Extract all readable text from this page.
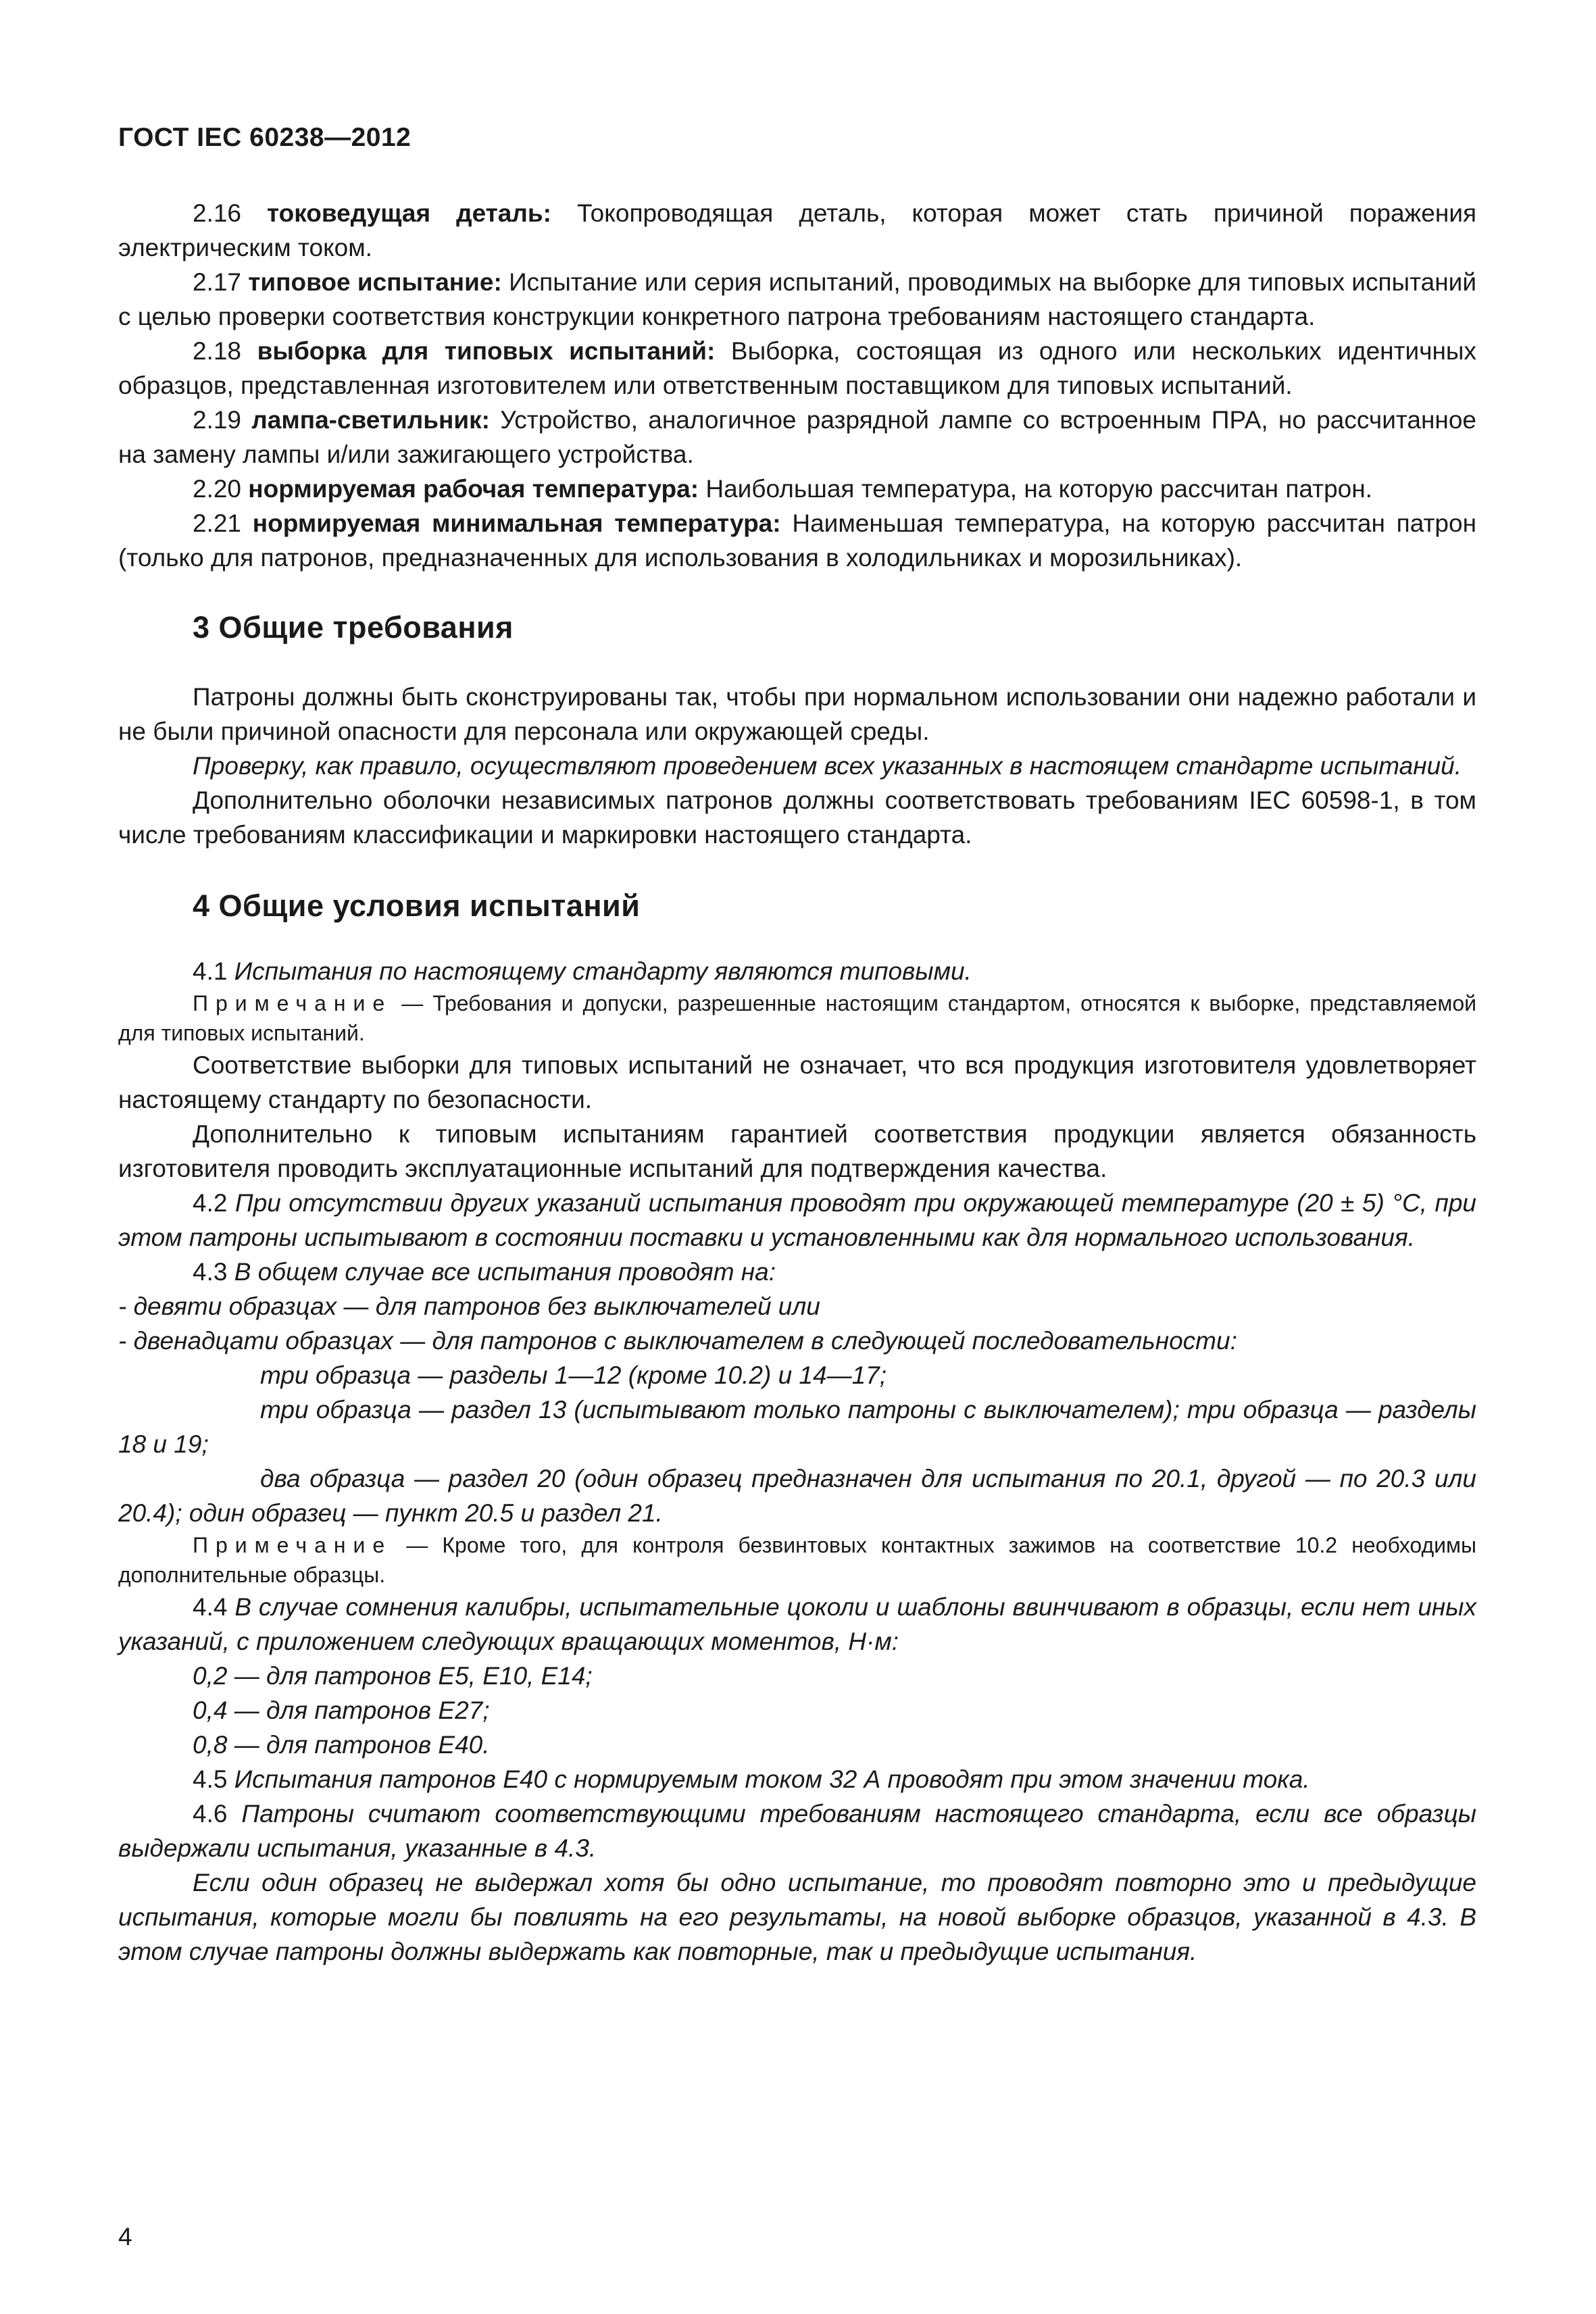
ГОСТ IEC 60238—2012

2.16 токоведущая деталь: Токопроводящая деталь, которая может стать причиной поражения электрическим током.

2.17 типовое испытание: Испытание или серия испытаний, проводимых на выборке для типовых испытаний с целью проверки соответствия конструкции конкретного патрона требованиям настоящего стандарта.

2.18 выборка для типовых испытаний: Выборка, состоящая из одного или нескольких идентичных образцов, представленная изготовителем или ответственным поставщиком для типовых испытаний.

2.19 лампа-светильник: Устройство, аналогичное разрядной лампе со встроенным ПРА, но рассчитанное на замену лампы и/или зажигающего устройства.

2.20 нормируемая рабочая температура: Наибольшая температура, на которую рассчитан патрон.

2.21 нормируемая минимальная температура: Наименьшая температура, на которую рассчитан патрон (только для патронов, предназначенных для использования в холодильниках и морозильниках).

3 Общие требования

Патроны должны быть сконструированы так, чтобы при нормальном использовании они надежно работали и не были причиной опасности для персонала или окружающей среды.

Проверку, как правило, осуществляют проведением всех указанных в настоящем стандарте испытаний.

Дополнительно оболочки независимых патронов должны соответствовать требованиям IEC 60598-1, в том числе требованиям классификации и маркировки настоящего стандарта.

4 Общие условия испытаний

4.1 Испытания по настоящему стандарту являются типовыми.

Примечание — Требования и допуски, разрешенные настоящим стандартом, относятся к выборке, представляемой для типовых испытаний.

Соответствие выборки для типовых испытаний не означает, что вся продукция изготовителя удовлетворяет настоящему стандарту по безопасности.

Дополнительно к типовым испытаниям гарантией соответствия продукции является обязанность изготовителя проводить эксплуатационные испытаний для подтверждения качества.

4.2 При отсутствии других указаний испытания проводят при окружающей температуре (20 ± 5) °С, при этом патроны испытывают в состоянии поставки и установленными как для нормального использования.

4.3 В общем случае все испытания проводят на:

- девяти образцах — для патронов без выключателей или

- двенадцати образцах — для патронов с выключателем в следующей последовательности:

три образца — разделы 1—12 (кроме 10.2) и 14—17;

три образца — раздел 13 (испытывают только патроны с выключателем); три образца — разделы 18 и 19;

два образца — раздел 20 (один образец предназначен для испытания по 20.1, другой — по 20.3 или 20.4); один образец — пункт 20.5 и раздел 21.

Примечание — Кроме того, для контроля безвинтовых контактных зажимов на соответствие 10.2 необходимы дополнительные образцы.

4.4 В случае сомнения калибры, испытательные цоколи и шаблоны ввинчивают в образцы, если нет иных указаний, с приложением следующих вращающих моментов, Н·м:

0,2 — для патронов Е5, Е10, Е14;

0,4 — для патронов Е27;

0,8 — для патронов Е40.

4.5 Испытания патронов Е40 с нормируемым током 32 А проводят при этом значении тока.

4.6 Патроны считают соответствующими требованиям настоящего стандарта, если все образцы выдержали испытания, указанные в 4.3.

Если один образец не выдержал хотя бы одно испытание, то проводят повторно это и предыдущие испытания, которые могли бы повлиять на его результаты, на новой выборке образцов, указанной в 4.3. В этом случае патроны должны выдержать как повторные, так и предыдущие испытания.

4
